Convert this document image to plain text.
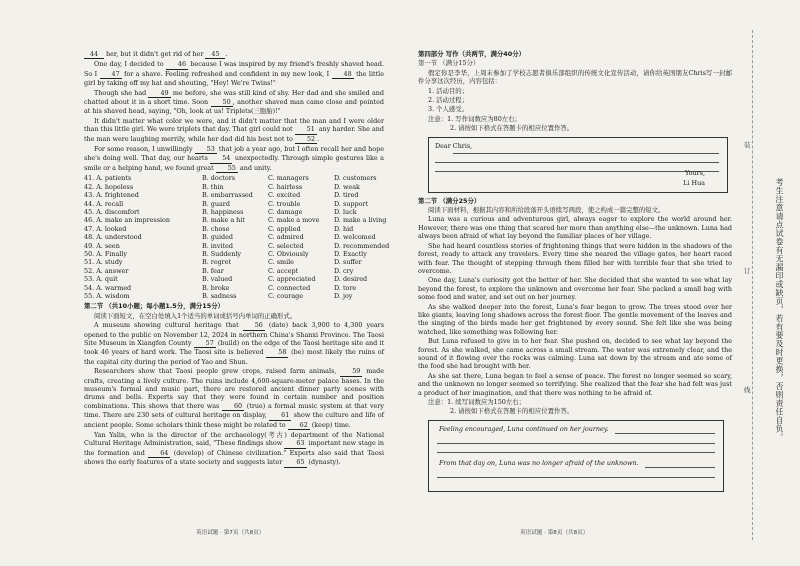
44 her, but it didn't get rid of her 45 .

One day, I decided to 46 because I was inspired by my friend's freshly shaved head. So I 47 for a shave. Feeling refreshed and confident in my new look, I 48 the little girl by taking off my hat and shouting, "Hey! We're Twins!"

Though she had 49 me before, she was still kind of shy. Her dad and she smiled and chatted about it in a short time. Soon 50 , another shaved man came close and pointed at his shaved head, saying, "Oh, look at us! Triplets(三胞胎)!"

It didn't matter what color we were, and it didn't matter that the man and I were older than this little girl. We were triplets that day. That girl could not 51 any harder. She and the man were laughing merrily, while her dad did his best not to 52 .

For some reason, I unwillingly 53 that job a year ago, but I often recall her and hope she's doing well. That day, our hearts 54 unexpectedly. Through simple gestures like a smile or a helping hand, we found great 55 and unity.

41. A. patients	B. doctors	C. managers	D. customers
42. A. hopeless	B. thin	C. hairless	D. weak
43. A. frightened	B. embarrassed	C. excited	D. tired
44. A. recall	B. guard	C. trouble	D. support
45. A. discomfort	B. happiness	C. damage	D. luck
46. A. make an impression	B. make a hit	C. make a move	D. make a living
47. A. looked	B. chose	C. applied	D. hid
48. A. understood	B. guided	C. admired	D. welcomed
49. A. seen	B. invited	C. selected	D. recommended
50. A. Finally	B. Suddenly	C. Obviously	D. Exactly
51. A. study	B. regret	C. smile	D. suffer
52. A. answer	B. fear	C. accept	D. cry
53. A. quit	B. valued	C. appreciated	D. desired
54. A. warmed	B. broke	C. connected	D. tore
55. A. wisdom	B. sadness	C. courage	D. joy

第二节 （共10小题；每小题1.5分，满分15分）

阅读下面短文，在空白处填入1个适当的单词或括号内单词的正确形式。

A museum showing cultural heritage that 56 (date) back 3,900 to 4,300 years opened to the public on November 12, 2024 in northern China's Shanxi Province. The Taosi Site Museum in Xiangfen County 57 (build) on the edge of the Taosi heritage site and it took 46 years of hard work. The Taosi site is believed 58 (be) most likely the ruins of the capital city during the period of Yao and Shun.

Researchers show that Taosi people grew crops, raised farm animals, 59 made crafts, creating a lively culture. The ruins include 4,600-square-meter palace bases. In the museum's formal and music part, there are restored ancient dinner party scenes with drums and bells. Experts say that they were found in certain number and position combinations. This shows that there was 60 (true) a formal music system at that very time. There are 230 sets of cultural heritage on display, 61 show the culture and life of ancient people. Some scholars think these might be related to 62 (keep) time.

Yan Yalin, who is the director of the archaeology(考古) department of the National Cultural Heritage Administration, said, "These findings show 63 important new stage in the formation and 64 (develop) of Chinese civilization." Experts also said that Taosi shows the early features of a state society and suggests later 65 (dynasty).

英语试题 · 第7页（共8页）

第四部分 写作（共两节，满分40分）

第一节 （满分15分）

假定你是李华，上周末参加了学校志愿者俱乐部组织的传统文化宣传活动，请你给英国朋友Chris写一封邮件分享这次经历，内容包括：

1. 活动目的；

2. 活动过程；

3. 个人感受。

注意：1. 写作词数应为80左右；

2. 请按如下格式在答题卡的相应位置作答。

Dear Chris,
Yours,
Li Hua

第二节 （满分25分）

阅读下面材料，根据其内容和所给段落开头语续写两段，使之构成一篇完整的短文。

Luna was a curious and adventurous girl, always eager to explore the world around her. However, there was one thing that scared her more than anything else—the unknown. Luna had always been afraid of what lay beyond the familiar places of her village.

She had heard countless stories of frightening things that were hidden in the shadows of the forest, ready to attack any travelers. Every time she neared the village gates, her heart raced with fear. The thought of stepping through them filled her with terrible fear that she tried to overcome.

One day, Luna's curiosity got the better of her. She decided that she wanted to see what lay beyond the forest, to explore the unknown and overcome her fear. She packed a small bag with some food and water, and set out on her journey.

As she walked deeper into the forest, Luna's fear began to grow. The trees stood over her like giants, leaving long shadows across the forest floor. The gentle movement of the leaves and the singing of the birds made her get frightened by every sound. She felt like she was being watched, like something was following her.

But Luna refused to give in to her fear. She pushed on, decided to see what lay beyond the forest. As she walked, she came across a small stream. The water was extremely clear, and the sound of it flowing over the rocks was calming. Luna sat down by the stream and ate some of the food she had brought with her.

As she sat there, Luna began to feel a sense of peace. The forest no longer seemed so scary, and the unknown no longer seemed so terrifying. She realized that the fear she had felt was just a product of her imagination, and that there was nothing to be afraid of.

注意：1. 续写词数应为150左右；

2. 请按如下格式在答题卡的相应位置作答。

Feeling encouraged, Luna continued on her journey.
From that day on, Luna was no longer afraid of the unknown.
英语试题 · 第8页（共8页）
装
订
线	考生注意请点试卷有无漏印或缺页，若有要及时更换，否则责任自负。
